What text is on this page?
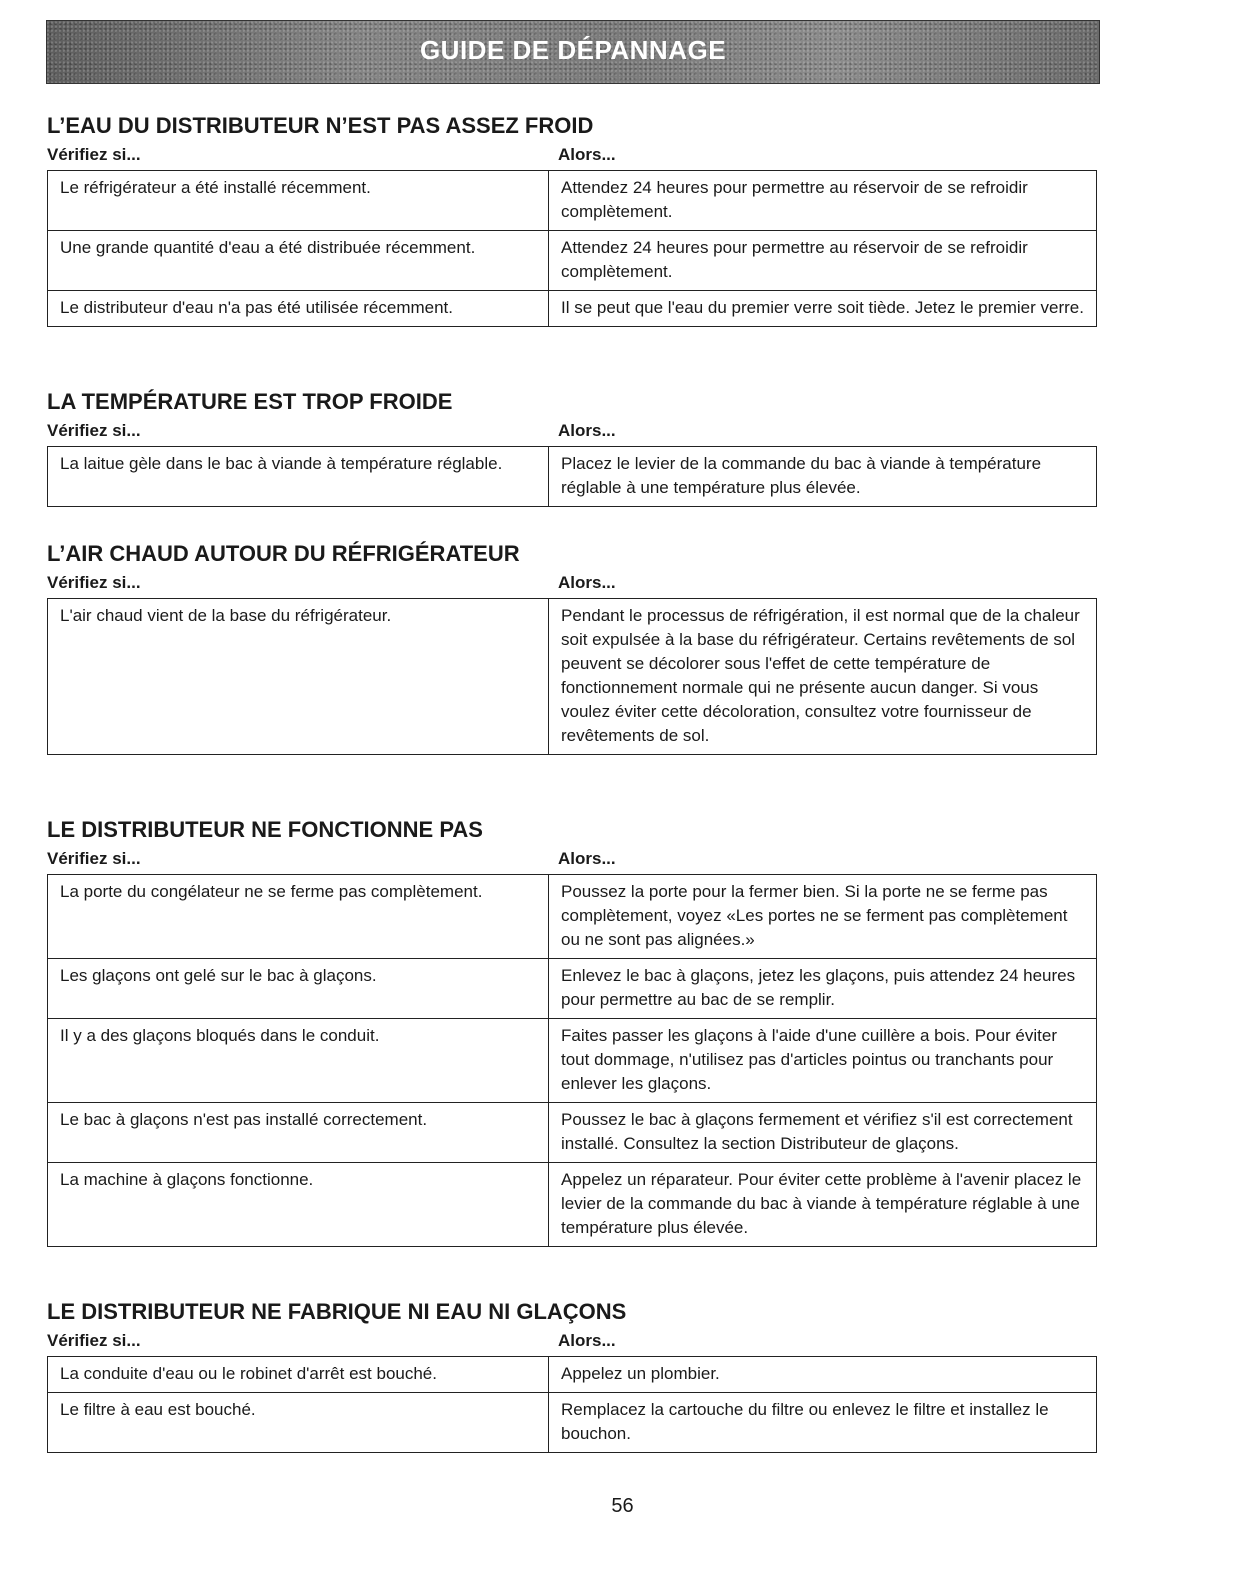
GUIDE DE DÉPANNAGE
L’EAU DU DISTRIBUTEUR N’EST PAS ASSEZ FROID
Vérifiez si...	Alors...
Le réfrigérateur a été installé récemment.	Attendez 24 heures pour permettre au réservoir de se refroidir complètement.
Une grande quantité d'eau a été distribuée récemment.	Attendez 24 heures pour permettre au réservoir de se refroidir complètement.
Le distributeur d'eau n'a pas été utilisée récemment.	Il se peut que l'eau du premier verre soit tiède. Jetez le premier verre.
LA TEMPÉRATURE EST TROP FROIDE
Vérifiez si...	Alors...
La laitue gèle dans le bac à viande à température réglable.	Placez le levier de la commande du bac à viande à température réglable à une température plus élevée.
L’AIR CHAUD AUTOUR DU RÉFRIGÉRATEUR
Vérifiez si...	Alors...
L'air chaud vient de la base du réfrigérateur.	Pendant le processus de réfrigération, il est normal que de la chaleur soit expulsée à la base du réfrigérateur. Certains revêtements de sol peuvent se décolorer sous l'effet de cette température de fonctionnement normale qui ne présente aucun danger. Si vous voulez éviter cette décoloration, consultez votre fournisseur de revêtements de sol.
LE DISTRIBUTEUR NE FONCTIONNE PAS
Vérifiez si...	Alors...
La porte du congélateur ne se ferme pas complètement.	Poussez la porte pour la fermer bien. Si la porte ne se ferme pas complètement, voyez «Les portes ne se ferment pas complètement ou ne sont pas alignées.»
Les glaçons ont gelé sur le bac à glaçons.	Enlevez le bac à glaçons, jetez les glaçons, puis attendez 24 heures pour permettre au bac de se remplir.
Il y a des glaçons bloqués dans le conduit.	Faites passer les glaçons à l'aide d'une cuillère a bois. Pour éviter tout dommage, n'utilisez pas d'articles pointus ou tranchants pour enlever les glaçons.
Le bac à glaçons n'est pas installé correctement.	Poussez le bac à glaçons fermement et vérifiez s'il est correctement installé. Consultez la section Distributeur de glaçons.
La machine à glaçons fonctionne.	Appelez un réparateur. Pour éviter cette problème à l'avenir placez le levier de la commande du bac à viande à température réglable à une température plus élevée.
LE DISTRIBUTEUR NE FABRIQUE NI EAU NI GLAÇONS
Vérifiez si...	Alors...
La conduite d'eau ou le robinet d'arrêt est bouché.	Appelez un plombier.
Le filtre à eau est bouché.	Remplacez la cartouche du filtre ou enlevez le filtre et installez le bouchon.
56
